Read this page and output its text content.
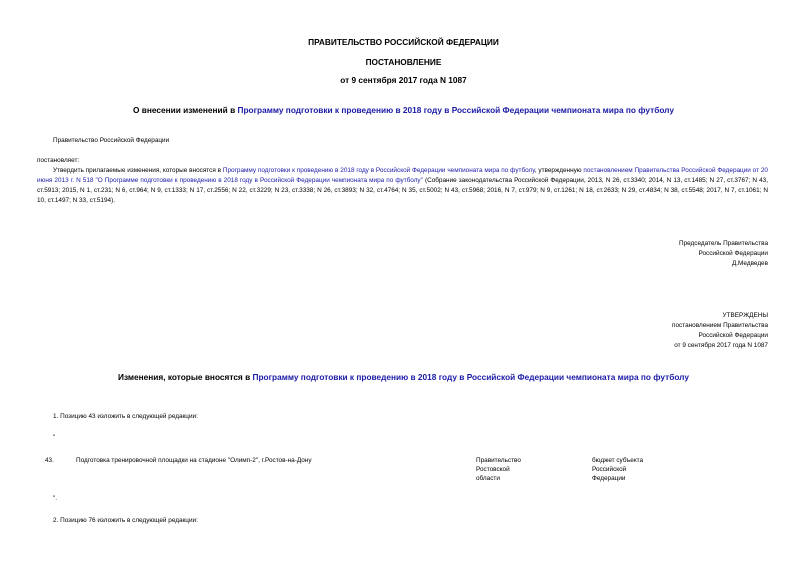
ПРАВИТЕЛЬСТВО РОССИЙСКОЙ ФЕДЕРАЦИИ
ПОСТАНОВЛЕНИЕ
от 9 сентября 2017 года N 1087
О внесении изменений в Программу подготовки к проведению в 2018 году в Российской Федерации чемпионата мира по футболу
Правительство Российской Федерации
постановляет:
Утвердить прилагаемые изменения, которые вносятся в Программу подготовки к проведению в 2018 году в Российской Федерации чемпионата мира по футболу, утвержденную постановлением Правительства Российской Федерации от 20 июня 2013 г. N 518 "О Программе подготовки к проведению в 2018 году в Российской Федерации чемпионата мира по футболу" (Собрание законодательства Российской Федерации, 2013, N 26, ст.3340; 2014, N 13, ст.1485; N 27, ст.3767; N 43, ст.5913; 2015, N 1, ст.231; N 6, ст.964; N 9, ст.1333; N 17, ст.2556; N 22, ст.3229; N 23, ст.3338; N 26, ст.3893; N 32, ст.4764; N 35, ст.5002; N 43, ст.5968; 2016, N 7, ст.979; N 9, ст.1261; N 18, ст.2633; N 29, ст.4834; N 38, ст.5548; 2017, N 7, ст.1061; N 10, ст.1497; N 33, ст.5194).
Председатель Правительства
Российской Федерации
Д.Медведев
УТВЕРЖДЕНЫ
постановлением Правительства
Российской Федерации
от 9 сентября 2017 года N 1087
Изменения, которые вносятся в Программу подготовки к проведению в 2018 году в Российской Федерации чемпионата мира по футболу
1. Позицию 43 изложить в следующей редакции:
"
43.	Подготовка тренировочной площадки на стадионе "Олимп-2", г.Ростов-на-Дону	Правительство
Ростовской
области
бюджет субъекта
Российской
Федерации
".
2. Позицию 76 изложить в следующей редакции:
